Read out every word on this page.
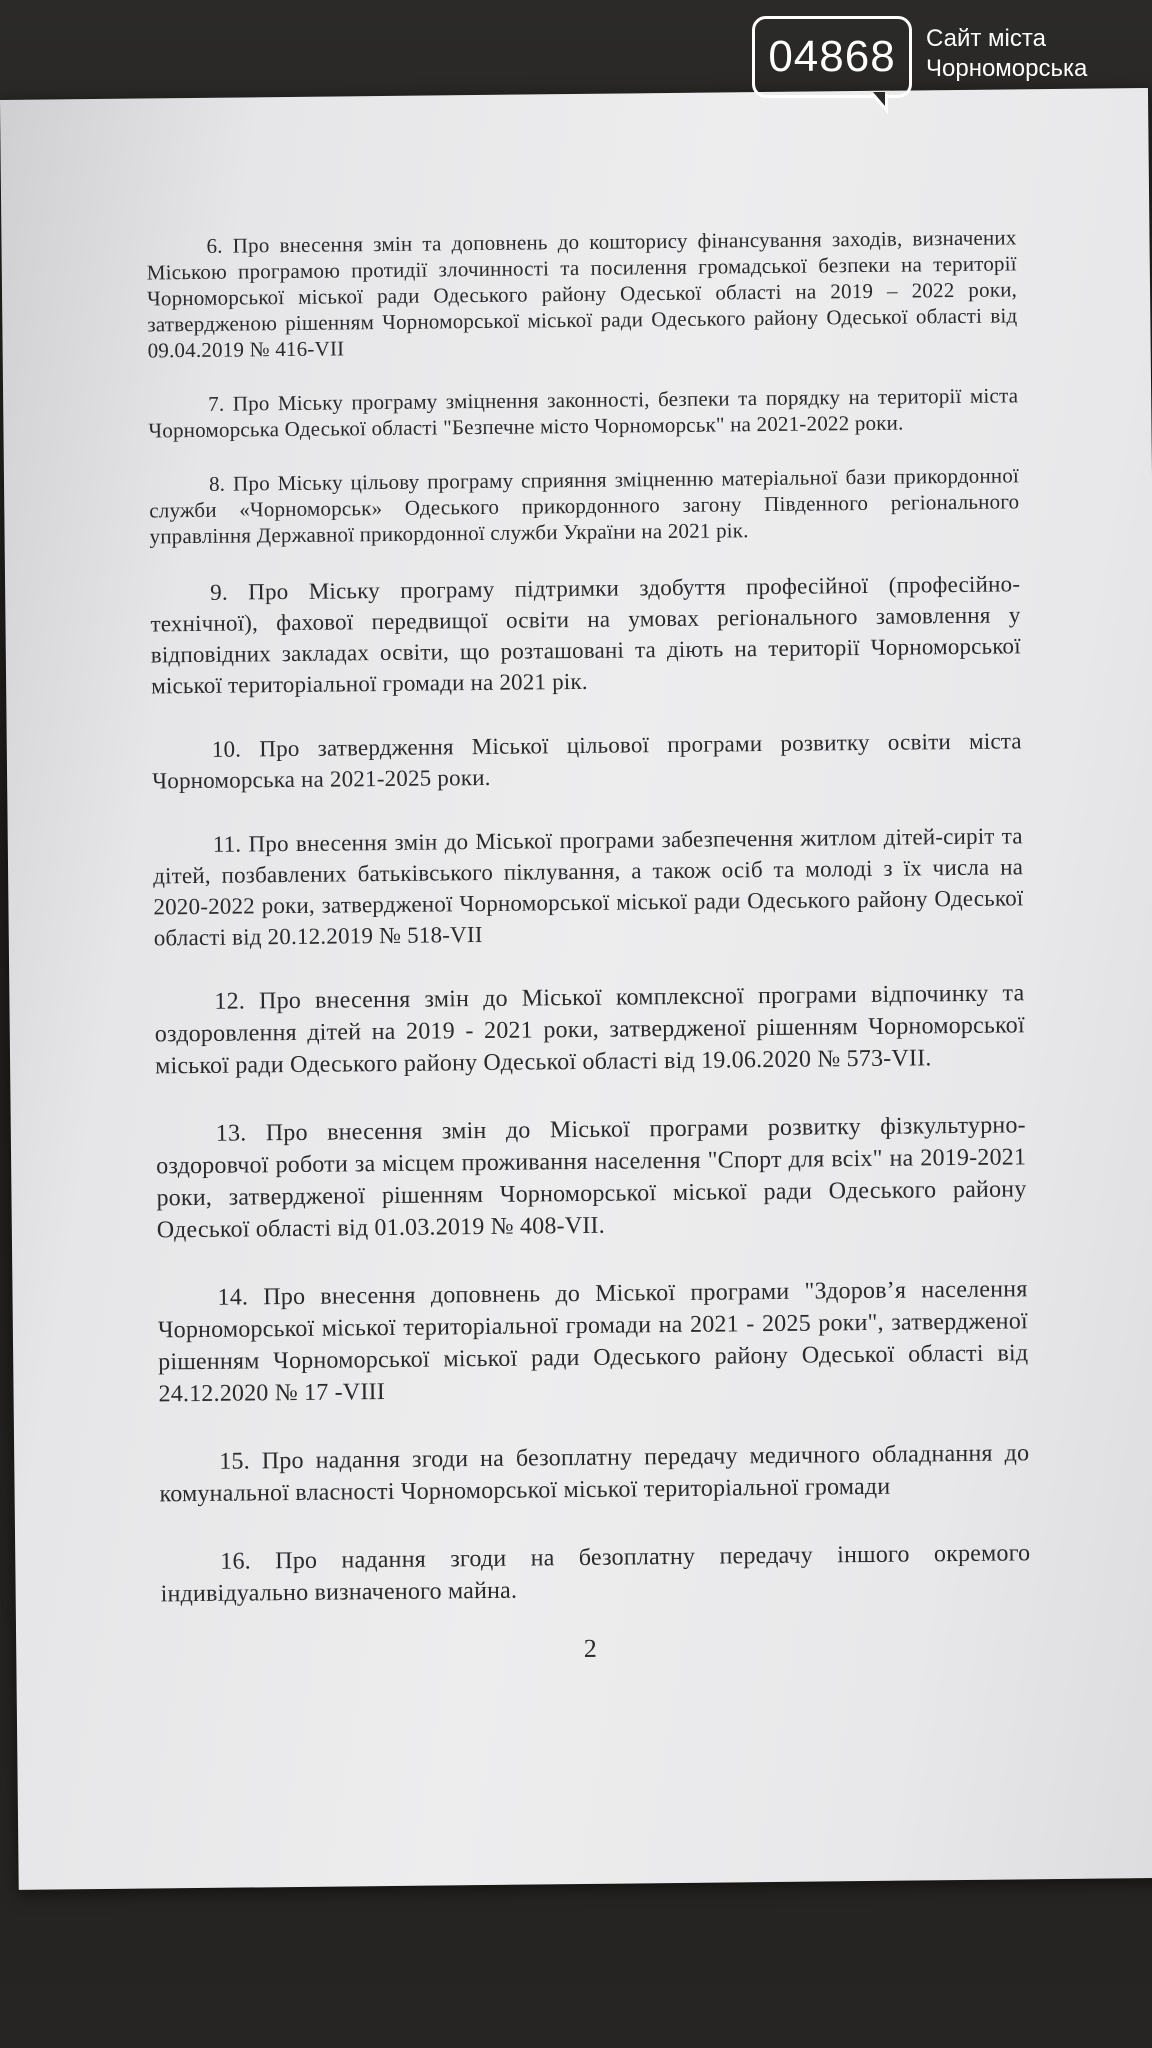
6. Про внесення змін та доповнень до кошторису фінансування заходів, визначених Міською програмою протидії злочинності та посилення громадської безпеки на території Чорноморської міської ради Одеського району Одеської області на 2019 – 2022 роки, затвердженою рішенням Чорноморської міської ради Одеського району Одеської області від 09.04.2019 № 416-VII

7. Про Міську програму зміцнення законності, безпеки та порядку на території міста Чорноморська Одеської області "Безпечне місто Чорноморськ" на 2021-2022 роки.

8. Про Міську цільову програму сприяння зміцненню матеріальної бази прикордонної служби «Чорноморськ» Одеського прикордонного загону Південного регіонального управління Державної прикордонної служби України на 2021 рік.

9. Про Міську програму підтримки здобуття професійної (професійно-технічної), фахової передвищої освіти на умовах регіонального замовлення у відповідних закладах освіти, що розташовані та діють на території Чорноморської міської територіальної громади на 2021 рік.

10. Про затвердження Міської цільової програми розвитку освіти міста Чорноморська на 2021-2025 роки.

11. Про внесення змін до Міської програми забезпечення житлом дітей-сиріт та дітей, позбавлених батьківського піклування, а також осіб та молоді з їх числа на 2020-2022 роки, затвердженої Чорноморської міської ради Одеського району Одеської області від 20.12.2019 № 518-VII

12. Про внесення змін до Міської комплексної програми відпочинку та оздоровлення дітей на 2019 - 2021 роки, затвердженої рішенням Чорноморської міської ради Одеського району Одеської області від 19.06.2020 № 573-VII.

13. Про внесення змін до Міської програми розвитку фізкультурно-оздоровчої роботи за місцем проживання населення "Спорт для всіх" на 2019-2021 роки, затвердженої рішенням Чорноморської міської ради Одеського району Одеської області від 01.03.2019 № 408-VII.

14. Про внесення доповнень до Міської програми "Здоров’я населення Чорноморської міської територіальної громади на 2021 - 2025 роки", затвердженої рішенням Чорноморської міської ради Одеського району Одеської області від 24.12.2020 № 17 -VIII

15. Про надання згоди на безоплатну передачу медичного обладнання до комунальної власності Чорноморської міської територіальної громади

16. Про надання згоди на безоплатну передачу іншого окремого індивідуально визначеного майна.

2
04868	Сайт міста
Чорноморська
